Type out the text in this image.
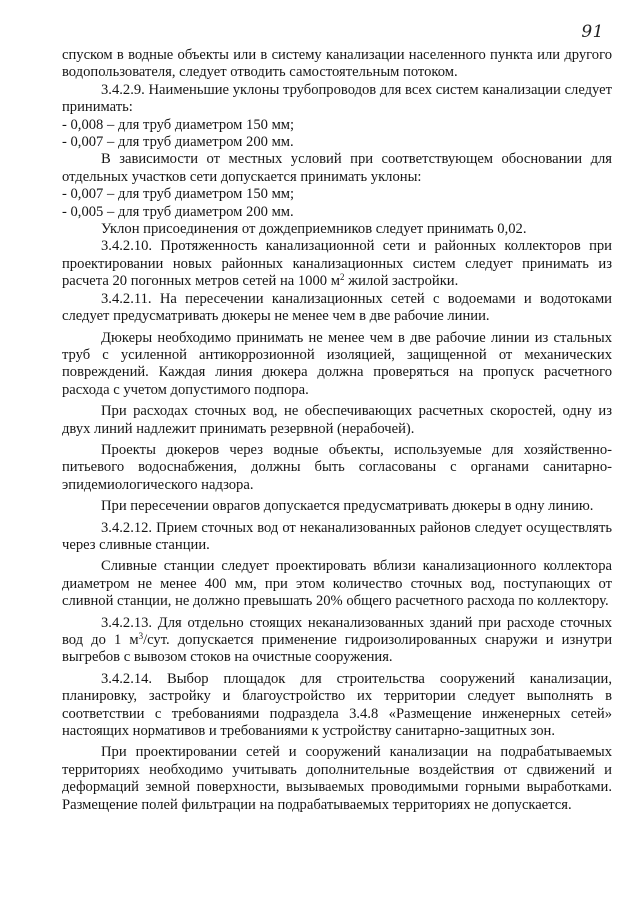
91

спуском в водные объекты или в систему канализации населенного пункта или другого водопользователя, следует отводить самостоятельным потоком.

3.4.2.9. Наименьшие уклоны трубопроводов для всех систем канализации следует принимать:

- 0,008 – для труб диаметром 150 мм;

- 0,007 – для труб диаметром 200 мм.

В зависимости от местных условий при соответствующем обосновании для отдельных участков сети допускается принимать уклоны:

- 0,007 – для труб диаметром 150 мм;

- 0,005 – для труб диаметром 200 мм.

Уклон присоединения от дождеприемников следует принимать 0,02.

3.4.2.10. Протяженность канализационной сети и районных коллекторов при проектировании новых районных канализационных систем следует принимать из расчета 20 погонных метров сетей на 1000 $м^2$ жилой застройки.

3.4.2.11. На пересечении канализационных сетей с водоемами и водотоками следует предусматривать дюкеры не менее чем в две рабочие линии.

Дюкеры необходимо принимать не менее чем в две рабочие линии из стальных труб с усиленной антикоррозионной изоляцией, защищенной от механических повреждений. Каждая линия дюкера должна проверяться на пропуск расчетного расхода с учетом допустимого подпора.

При расходах сточных вод, не обеспечивающих расчетных скоростей, одну из двух линий надлежит принимать резервной (нерабочей).

Проекты дюкеров через водные объекты, используемые для хозяйственно-питьевого водоснабжения, должны быть согласованы с органами санитарно-эпидемиологического надзора.

При пересечении оврагов допускается предусматривать дюкеры в одну линию.

3.4.2.12. Прием сточных вод от неканализованных районов следует осуществлять через сливные станции.

Сливные станции следует проектировать вблизи канализационного коллектора диаметром не менее 400 мм, при этом количество сточных вод, поступающих от сливной станции, не должно превышать 20% общего расчетного расхода по коллектору.

3.4.2.13. Для отдельно стоящих неканализованных зданий при расходе сточных вод до 1 $м^3$/сут. допускается применение гидроизолированных снаружи и изнутри выгребов с вывозом стоков на очистные сооружения.

3.4.2.14. Выбор площадок для строительства сооружений канализации, планировку, застройку и благоустройство их территории следует выполнять в соответствии с требованиями подраздела 3.4.8 «Размещение инженерных сетей» настоящих нормативов и требованиями к устройству санитарно-защитных зон.

При проектировании сетей и сооружений канализации на подрабатываемых территориях необходимо учитывать дополнительные воздействия от сдвижений и деформаций земной поверхности, вызываемых проводимыми горными выработками. Размещение полей фильтрации на подрабатываемых территориях не допускается.
